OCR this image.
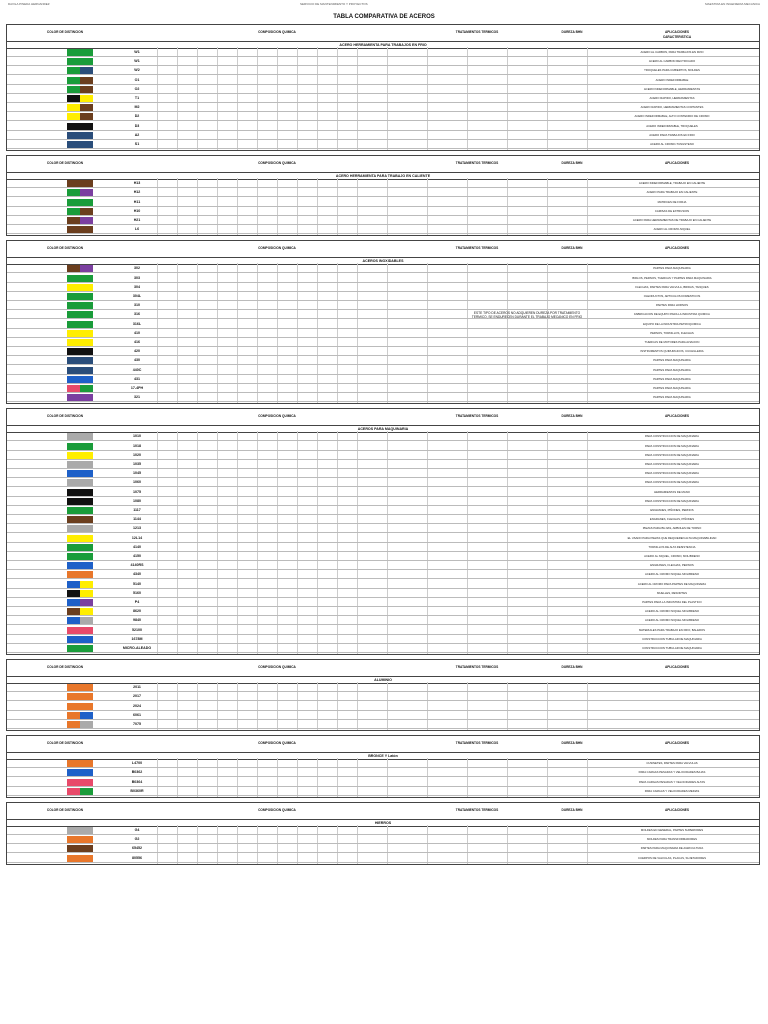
DAVILA PINEDA HERNANDEZ	SERVICIO DE MANTENIMIENTO Y PROYECTOS	MAESTRIA EN INGENIERIA MECANICA
TABLA COMPARATIVA DE ACEROS
COLOR DE DISTINCION	COMPOSICION QUIMICA	TRATAMIENTOS TERMICOS	DUREZA BHN	APLICACIONES
CARACTERISTICA
ACERO HERRAMIENTA PARA TRABAJOS EN FRIO
W1	ACERO AL CARBON, PARA TRABAJOS EN FRIO
W1	ACERO AL CARBON RECTIFICADO
W2	TROQUELES PARA CUBIERTOS, MOLDES
O1	ACERO INDEFORMABLE
O2	ACERO INDEFORMABLE, HERRAMIENTAS
T1	ACERO RAPIDO, HERRAMIENTAS
M2	ACERO RAPIDO, HERRAMIENTAS CORTANTES
D2	ACERO INDEFORMABLE, ALTO CONTENIDO DE CROMO
D3	ACERO INDEFORMABLE, TROQUELES
A2	ACERO PARA TRABAJOS EN FRIO
S1	ACERO AL CROMO-TUNGSTENO
COLOR DE DISTINCION	COMPOSICION QUIMICA	TRATAMIENTOS TERMICOS	DUREZA BHN	APLICACIONES
ACERO HERRAMIENTA PARA TRABAJO EN CALIENTE
H13	ACERO INDEFORMABLE, TRABAJO EN CALIENTE
H12	ACERO PARA TRABAJO EN CALIENTE
H11	MATRICES DE FORJA
H10	CAMISAS DE EXTRUSION
H21	ACERO PARA HERRAMIENTAS DE TRABAJO EN CALIENTE
L6	ACERO AL CROMO-NIQUEL
COLOR DE DISTINCION	COMPOSICION QUIMICA	TRATAMIENTOS TERMICOS	DUREZA BHN	APLICACIONES
ACEROS INOXIDABLES
302	PARTES PARA MAQUINARIA
303	BIRLOS, PERNOS, TUERCAS Y PARTES PARA MAQUINARIA
304	FLECHAS, PARTES PARA VALVULA, BRIDAS, TANQUES
304L	OLEODUCTOS, ARTICULOS DOMESTICOS
310	PARTES PARA HORNOS
316	FABRICACION DE EQUIPO PARA LA INDUSTRIA QUIMICA
316L	EQUIPO DE LA INDUSTRIA PETROQUIMICA
410	PERNOS, TORNILLOS, FLECHAS
416	TUERCAS DE MOTORES PARA AVIACION
420	INSTRUMENTOS QUIRURGICOS, CUCHILLERIA
430	PARTES PARA MAQUINARIA
440C	PARTES PARA MAQUINARIA
431	PARTES PARA MAQUINARIA
17-4PH	PARTES PARA MAQUINARIA
321	PARTES PARA MAQUINARIA
ESTE TIPO DE ACEROS NO ADQUIEREN DUREZA POR TRATAMIENTO TERMICO, SE ENDURECEN DURANTE EL TRABAJO MECANICO EN FRIO
COLOR DE DISTINCION	COMPOSICION QUIMICA	TRATAMIENTOS TERMICOS	DUREZA BHN	APLICACIONES
ACEROS PARA MAQUINARIA
1010	PARA CONSTRUCCION DE MAQUINARIA
1018	PARA CONSTRUCCION DE MAQUINARIA
1020	PARA CONSTRUCCION DE MAQUINARIA
1035	PARA CONSTRUCCION DE MAQUINARIA
1045	PARA CONSTRUCCION DE MAQUINARIA
1060	PARA CONSTRUCCION DE MAQUINARIA
1075	HERRAMIENTAS DE MANO
1080	PARA CONSTRUCCION DE MAQUINARIA
1117	ENGRANES, PIÑONES, PERNOS
1144	ENGRANES, FLECHAS, PIÑONES
1213	PIEZAS PARA BUJIAS, ARBOLES DE TORNO
12L14	EL USADO PARA PIEZAS QUE REQUIEREN ALTA MAQUINABILIDAD
4140	TORNILLOS DE ALTA RESISTENCIA
4150	ACERO AL NIQUEL, CROMO, MOLIBDENO
4140RS	ENGRANES, FLECHAS, PERNOS
4340	ACERO AL CROMO NIQUEL MOLIBDENO
5140	ACERO AL CROMO PARA PARTES DE MAQUINARIA
5160	MUELLES, RESORTES
P4	PARTES PARA LA INDUSTRIA DEL PLASTICO
8620	ACERO AL CROMO NIQUEL MOLIBDENO
9840	ACERO AL CROMO NIQUEL MOLIBDENO
52100	MATERIALES PARA TRABAJO EN FRIO, BALEROS
1678M	CONSTRUCCION TUBULAR DE MAQUINARIA
MICRO-ALEADO	CONSTRUCCION TUBULAR DE MAQUINARIA
COLOR DE DISTINCION	COMPOSICION QUIMICA	TRATAMIENTOS TERMICOS	DUREZA BHN	APLICACIONES
ALUMINIO
2011
2017
2024
6061
7075
COLOR DE DISTINCION	COMPOSICION QUIMICA	TRATAMIENTOS TERMICOS	DUREZA BHN	APLICACIONES
BRONCE Y Latón
L4700	CUSINETES, PARTES PARA VALVULAS
B0362	PARA CARGAS PESADAS Y VELOCIDADES BAJAS
B0364	PARA CARGAS PESADAS Y VELOCIDADES ALTAS
B0360R	PARA CARGAS Y VELOCIDADES MEDIAS
COLOR DE DISTINCION	COMPOSICION QUIMICA	TRATAMIENTOS TERMICOS	DUREZA BHN	APLICACIONES
HIERROS
G4	MOLDES EN GENERAL, PARTES SUPERIORES
G2	MOLDES PARA TRANSFORMADORES
65452	PARTES PARA MAQUINARIA DE AGRICULTURA
80556	CUERPOS DE VALVULAS, PLACAS, SUJETADORES
